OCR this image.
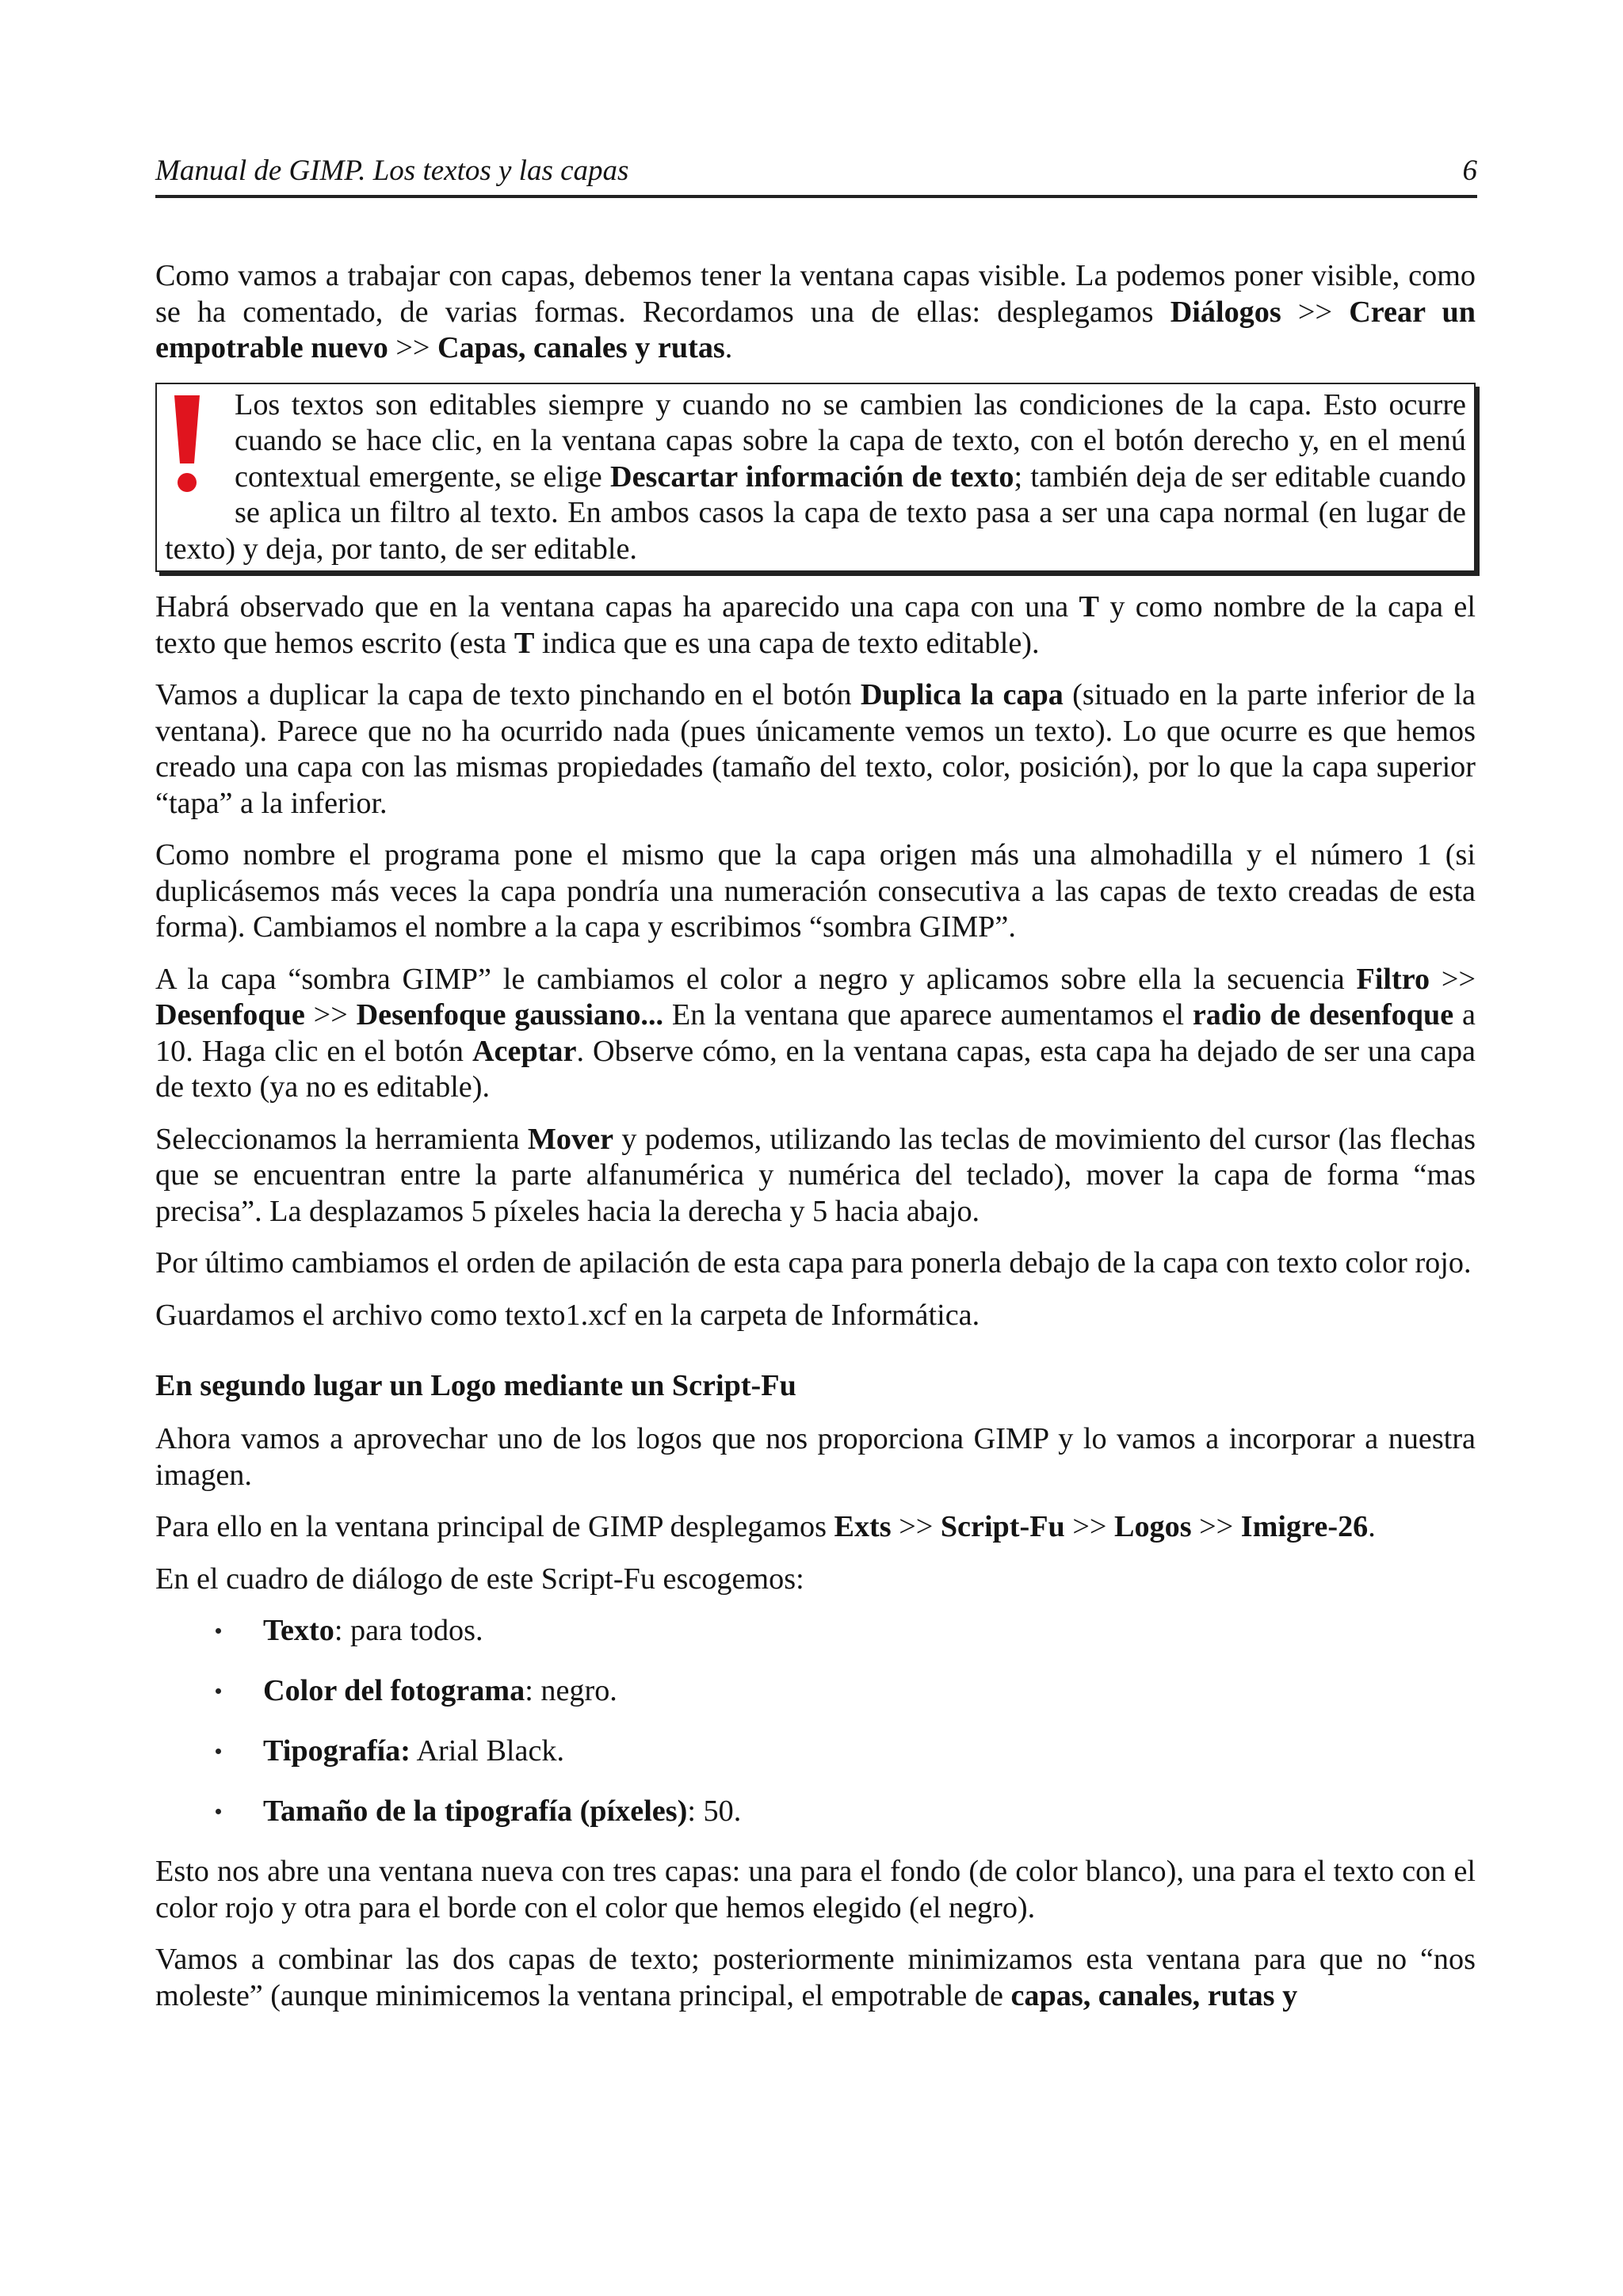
Manual de GIMP. Los textos y las capas	6

Como vamos a trabajar con capas, debemos tener la ventana capas visible. La podemos poner visible, como se ha comentado, de varias formas. Recordamos una de ellas: desplegamos Diálogos >> Crear un empotrable nuevo >> Capas, canales y rutas.

Los textos son editables siempre y cuando no se cambien las condiciones de la capa. Esto ocurre cuando se hace clic, en la ventana capas sobre la capa de texto, con el botón derecho y, en el menú contextual emergente, se elige Descartar información de texto; también deja de ser editable cuando se aplica un filtro al texto. En ambos casos la capa de texto pasa a ser una capa normal (en lugar de texto) y deja, por tanto, de ser editable.

Habrá observado que en la ventana capas ha aparecido una capa con una T y como nombre de la capa el texto que hemos escrito (esta T indica que es una capa de texto editable).

Vamos a duplicar la capa de texto pinchando en el botón Duplica la capa (situado en la parte inferior de la ventana). Parece que no ha ocurrido nada (pues únicamente vemos un texto). Lo que ocurre es que hemos creado una capa con las mismas propiedades (tamaño del texto, color, posición), por lo que la capa superior “tapa” a la inferior.

Como nombre el programa pone el mismo que la capa origen más una almohadilla y el número 1 (si duplicásemos más veces la capa pondría una numeración consecutiva a las capas de texto creadas de esta forma). Cambiamos el nombre a la capa y escribimos “sombra GIMP”.

A la capa “sombra GIMP” le cambiamos el color a negro y aplicamos sobre ella la secuencia Filtro >> Desenfoque >> Desenfoque gaussiano... En la ventana que aparece aumentamos el radio de desenfoque a 10. Haga clic en el botón Aceptar. Observe cómo, en la ventana capas, esta capa ha dejado de ser una capa de texto (ya no es editable).

Seleccionamos la herramienta Mover y podemos, utilizando las teclas de movimiento del cursor (las flechas que se encuentran entre la parte alfanumérica y numérica del teclado), mover la capa de forma “mas precisa”. La desplazamos 5 píxeles hacia la derecha y 5 hacia abajo.

Por último cambiamos el orden de apilación de esta capa para ponerla debajo de la capa con texto color rojo.

Guardamos el archivo como texto1.xcf en la carpeta de Informática.

En segundo lugar un Logo mediante un Script-Fu

Ahora vamos a aprovechar uno de los logos que nos proporciona GIMP y lo vamos a incorporar a nuestra imagen.

Para ello en la ventana principal de GIMP desplegamos Exts >> Script-Fu >> Logos >> Imigre-26.

En el cuadro de diálogo de este Script-Fu escogemos:

Texto: para todos.
Color del fotograma: negro.
Tipografía: Arial Black.
Tamaño de la tipografía (píxeles): 50.

Esto nos abre una ventana nueva con tres capas: una para el fondo (de color blanco), una para el texto con el color rojo y otra para el borde con el color que hemos elegido (el negro).

Vamos a combinar las dos capas de texto; posteriormente minimizamos esta ventana para que no “nos moleste” (aunque minimicemos la ventana principal, el empotrable de capas, canales, rutas y
